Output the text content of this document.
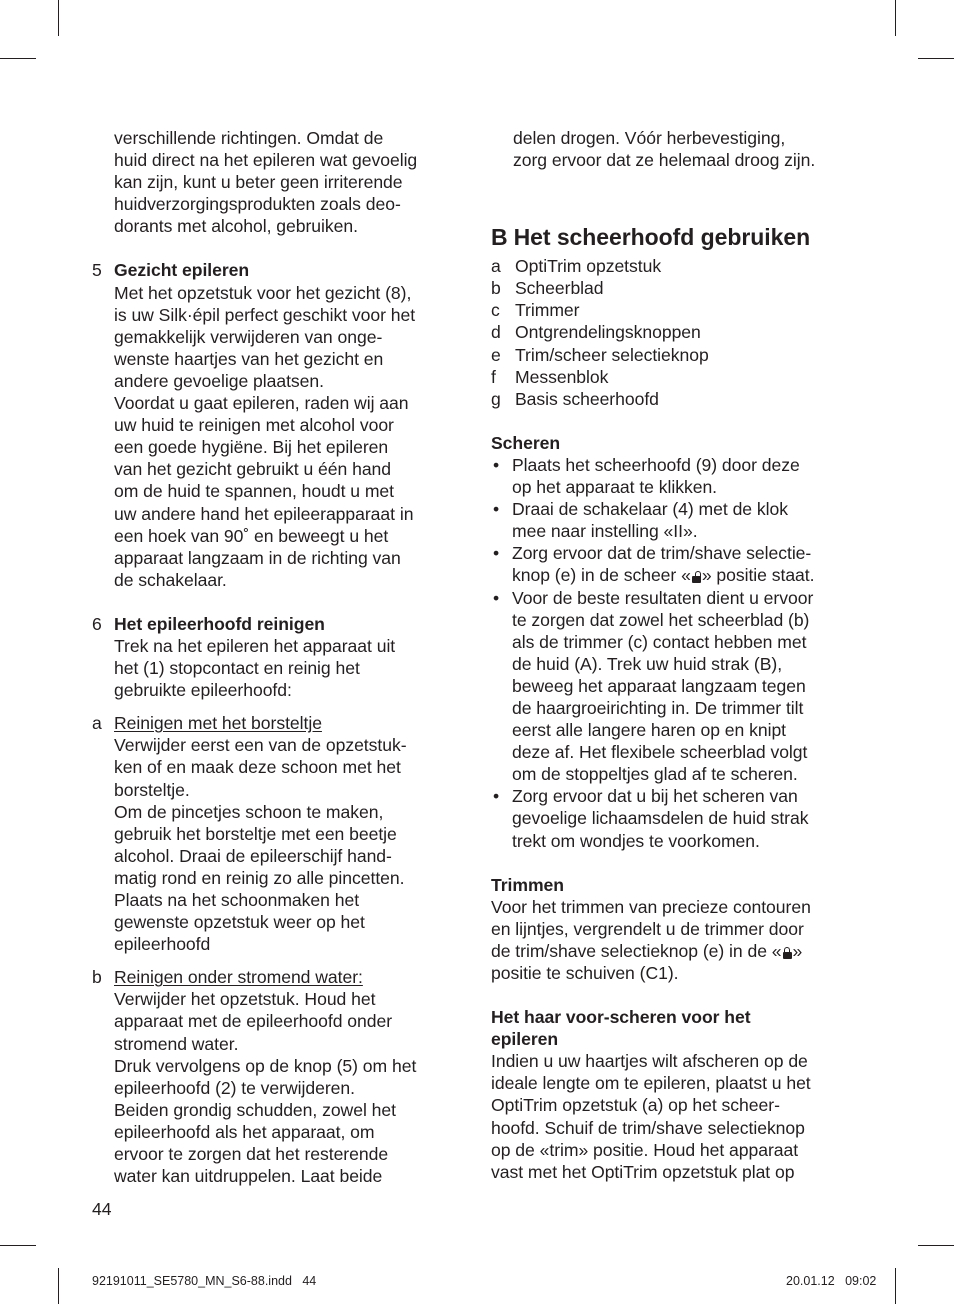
verschillende richtingen. Omdat de
huid direct na het epileren wat gevoelig
kan zijn, kunt u beter geen irriterende
huidverzorgingsprodukten zoals deo-
dorants met alcohol, gebruiken.
5 Gezicht epileren
Met het opzetstuk voor het gezicht (8),
is uw Silk·épil perfect geschikt voor het
gemakkelijk verwijderen van onge-
wenste haartjes van het gezicht en
andere gevoelige plaatsen.
Voordat u gaat epileren, raden wij aan
uw huid te reinigen met alcohol voor
een goede hygiëne. Bij het epileren
van het gezicht gebruikt u één hand
om de huid te spannen, houdt u met
uw andere hand het epileerapparaat in
een hoek van 90˚ en beweegt u het
apparaat langzaam in de richting van
de schakelaar.
6 Het epileerhoofd reinigen
Trek na het epileren het apparaat uit
het (1) stopcontact en reinig het
gebruikte epileerhoofd:
a Reinigen met het borsteltje
Verwijder eerst een van de opzetstuk-
ken of en maak deze schoon met het
borsteltje.
Om de pincetjes schoon te maken,
gebruik het borsteltje met een beetje
alcohol. Draai de epileerschijf hand-
matig rond en reinig zo alle pincetten.
Plaats na het schoonmaken het
gewenste opzetstuk weer op het
epileerhoofd
b Reinigen onder stromend water:
Verwijder het opzetstuk. Houd het
apparaat met de epileerhoofd onder
stromend water.
Druk vervolgens op de knop (5) om het
epileerhoofd (2) te verwijderen.
Beiden grondig schudden, zowel het
epileerhoofd als het apparaat, om
ervoor te zorgen dat het resterende
water kan uitdruppelen. Laat beide
delen drogen. Vóór herbevestiging,
zorg ervoor dat ze helemaal droog zijn.
B Het scheerhoofd gebruiken
a OptiTrim opzetstuk
b Scheerblad
c Trimmer
d Ontgrendelingsknoppen
e Trim/scheer selectieknop
f Messenblok
g Basis scheerhoofd
Scheren
• Plaats het scheerhoofd (9) door deze
op het apparaat te klikken.
• Draai de schakelaar (4) met de klok
mee naar instelling «II».
• Zorg ervoor dat de trim/shave selectie-
knop (e) in de scheer « » positie staat.
• Voor de beste resultaten dient u ervoor
te zorgen dat zowel het scheerblad (b)
als de trimmer (c) contact hebben met
de huid (A). Trek uw huid strak (B),
beweeg het apparaat langzaam tegen
de haargroeirichting in. De trimmer tilt
eerst alle langere haren op en knipt
deze af. Het flexibele scheerblad volgt
om de stoppeltjes glad af te scheren.
• Zorg ervoor dat u bij het scheren van
gevoelige lichaamsdelen de huid strak
trekt om wondjes te voorkomen.
Trimmen
Voor het trimmen van precieze contouren
en lijntjes, vergrendelt u de trimmer door
de trim/shave selectieknop (e) in de « »
positie te schuiven (C1).
Het haar voor-scheren voor het
epileren
Indien u uw haartjes wilt afscheren op de
ideale lengte om te epileren, plaatst u het
OptiTrim opzetstuk (a) op het scheer-
hoofd. Schuif de trim/shave selectieknop
op de «trim» positie. Houd het apparaat
vast met het OptiTrim opzetstuk plat op
44
92191011_SE5780_MN_S6-88.indd   44	20.01.12   09:02
